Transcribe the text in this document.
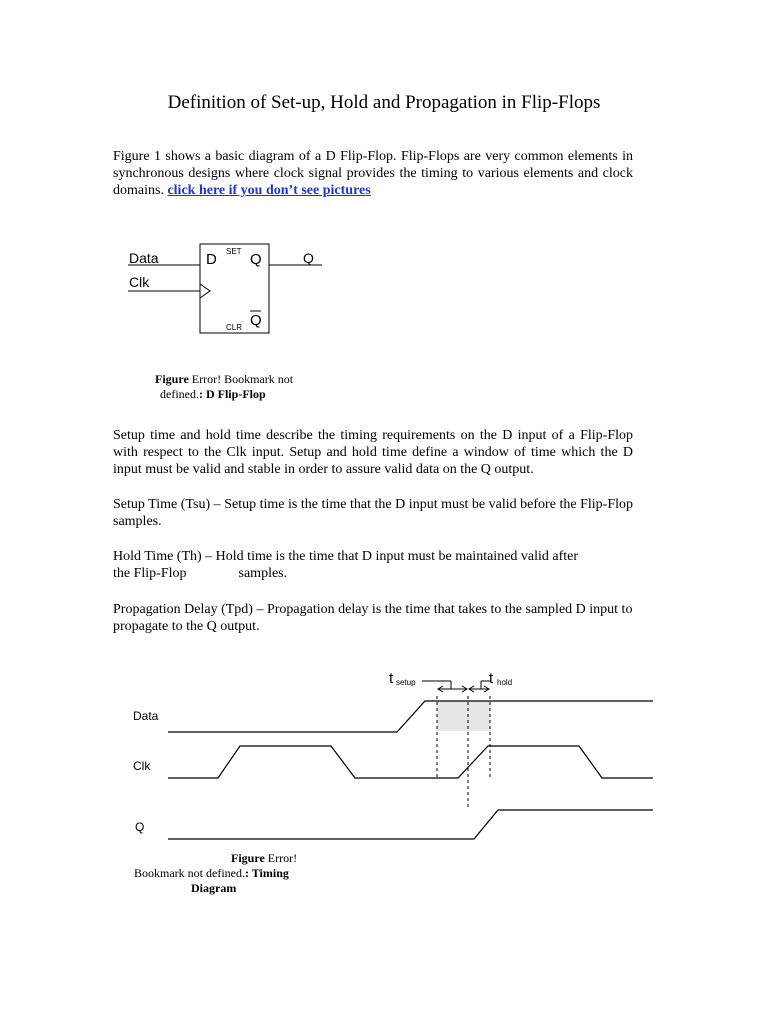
Definition of Set-up, Hold and Propagation in Flip-Flops

Figure 1 shows a basic diagram of a D Flip-Flop. Flip-Flops are very common elements in synchronous designs where clock signal provides the timing to various elements and clock domains. click here if you don’t see pictures

Data
Clk
D SET Q
Q
CLR
Q

Figure Error! Bookmark not

defined.: D Flip-Flop

Setup time and hold time describe the timing requirements on the D input of a Flip-Flop with respect to the Clk input. Setup and hold time define a window of time which the D input must be valid and stable in order to assure valid data on the Q output.

Setup Time (Tsu) – Setup time is the time that the D input must be valid before the Flip-Flop samples.

Hold Time (Th) – Hold time is the time that D input must be maintained valid after

the Flip-Flop	samples.

Propagation Delay (Tpd) – Propagation delay is the time that takes to the sampled D input to propagate to the Q output.

t setup	t hold
Data
Clk
Q

Figure Error!

Bookmark not defined.: Timing

Diagram
